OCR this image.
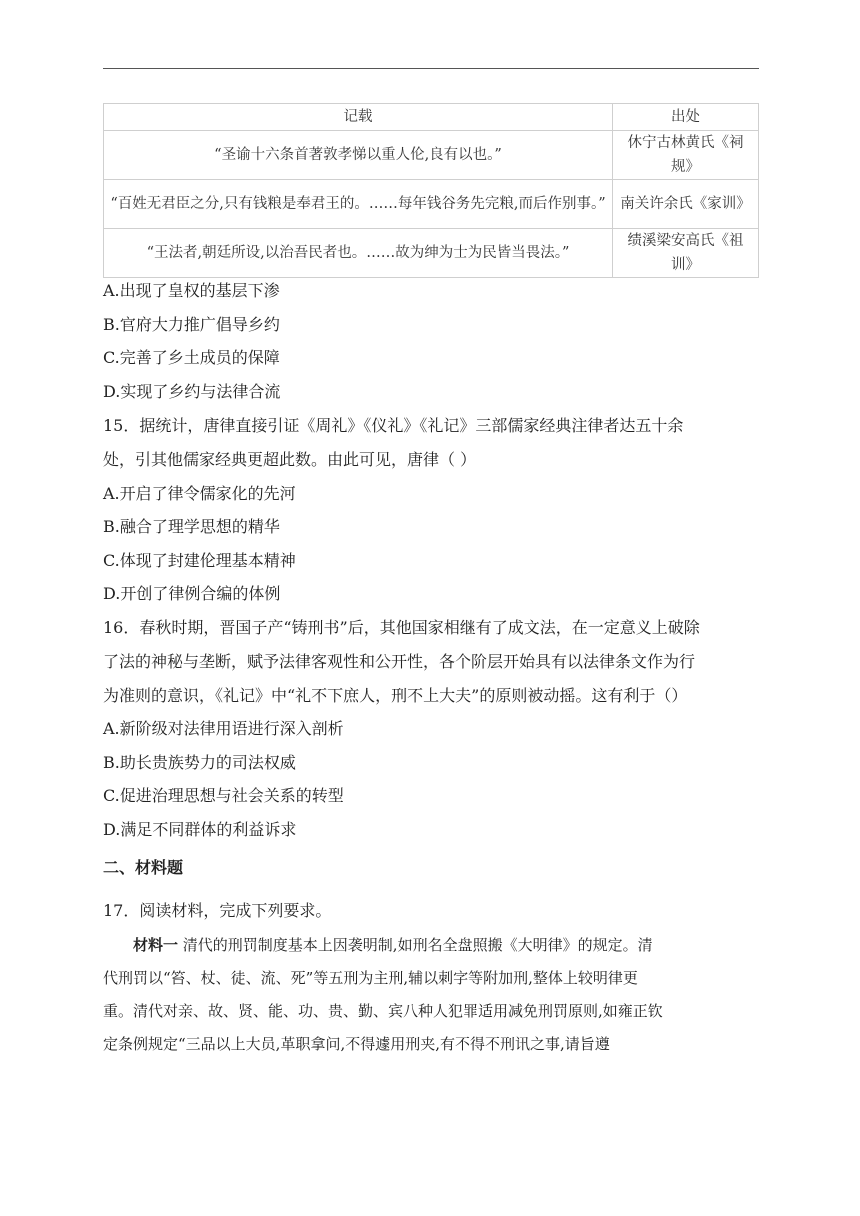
记载	出处
“圣谕十六条首著敦孝悌以重人伦,良有以也。”	休宁古林黄氏《祠规》
“百姓无君臣之分,只有钱粮是奉君王的。……每年钱谷务先完粮,而后作别事。”	南关许余氏《家训》
“王法者,朝廷所设,以治吾民者也。……故为绅为士为民皆当畏法。”	绩溪梁安高氏《祖训》
A.出现了皇权的基层下渗
B.官府大力推广倡导乡约
C.完善了乡土成员的保障
D.实现了乡约与法律合流
15．据统计，唐律直接引证《周礼》《仪礼》《礼记》三部儒家经典注律者达五十余
处，引其他儒家经典更超此数。由此可见，唐律（ ）
A.开启了律令儒家化的先河
B.融合了理学思想的精华
C.体现了封建伦理基本精神
D.开创了律例合编的体例
16．春秋时期，晋国子产“铸刑书”后，其他国家相继有了成文法，在一定意义上破除
了法的神秘与垄断，赋予法律客观性和公开性，各个阶层开始具有以法律条文作为行
为准则的意识，《礼记》中“礼不下庶人，刑不上大夫”的原则被动摇。这有利于（）
A.新阶级对法律用语进行深入剖析
B.助长贵族势力的司法权威
C.促进治理思想与社会关系的转型
D.满足不同群体的利益诉求
二、材料题
17．阅读材料，完成下列要求。
材料一 清代的刑罚制度基本上因袭明制,如刑名全盘照搬《大明律》的规定。清
代刑罚以“笞、杖、徒、流、死”等五刑为主刑,辅以刺字等附加刑,整体上较明律更
重。清代对亲、故、贤、能、功、贵、勤、宾八种人犯罪适用减免刑罚原则,如雍正钦
定条例规定“三品以上大员,革职拿问,不得遽用刑夹,有不得不刑讯之事,请旨遵
